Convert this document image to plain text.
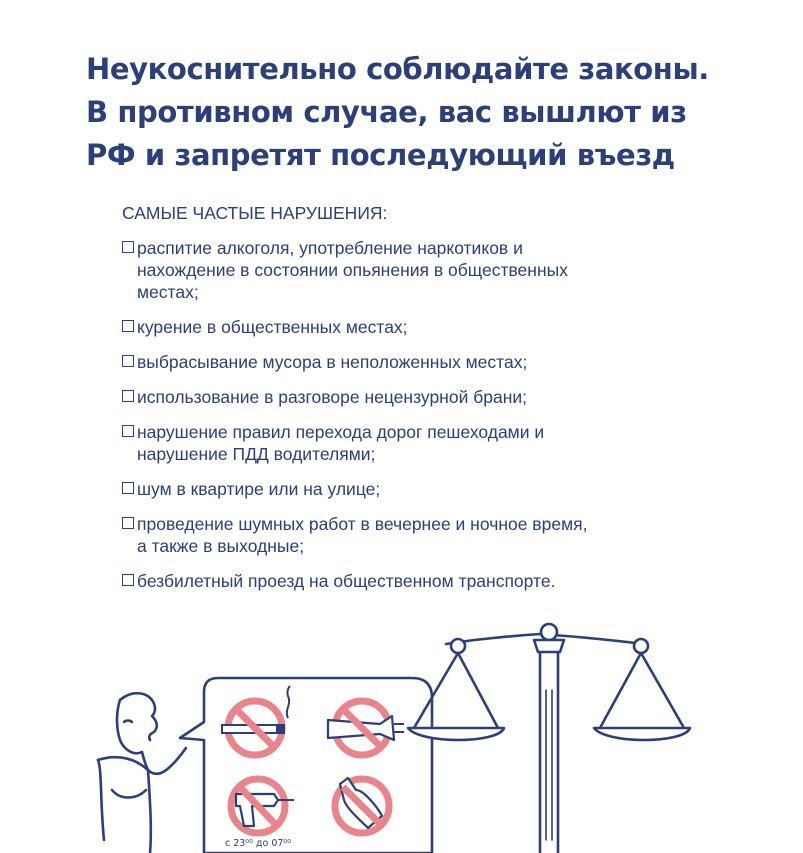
Неукоснительно соблюдайте законы.
В противном случае, вас вышлют из
РФ и запретят последующий въезд
САМЫЕ ЧАСТЫЕ НАРУШЕНИЯ:
распитие алкоголя, употребление наркотиков и
нахождение в состоянии опьянения в общественных
местах;
курение в общественных местах;
выбрасывание мусора в неположенных местах;
использование в разговоре нецензурной брани;
нарушение правил перехода дорог пешеходами и
нарушение ПДД водителями;
шум в квартире или на улице;
проведение шумных работ в вечернее и ночное время,
а также в выходные;
безбилетный проезд на общественном транспорте.
с 23⁰⁰ до 07⁰⁰
